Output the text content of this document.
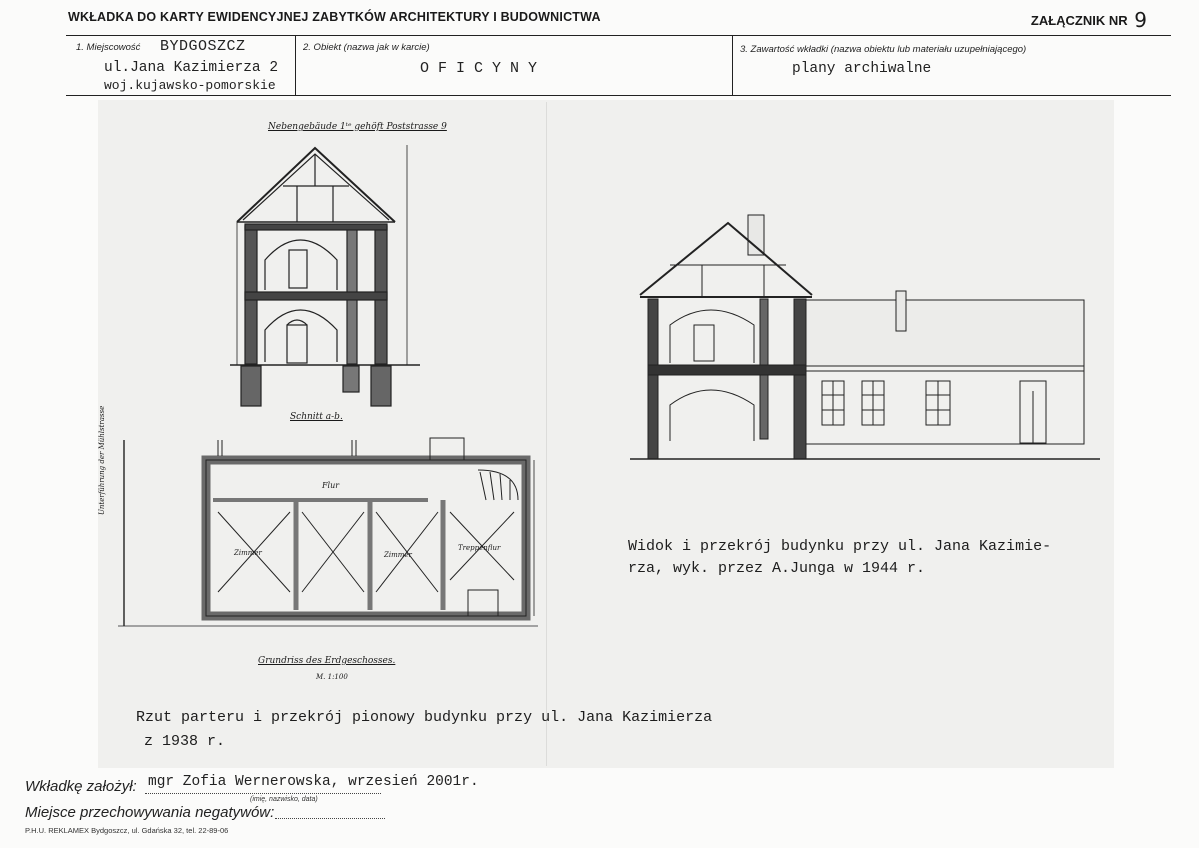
WKŁADKA DO KARTY EWIDENCYJNEJ ZABYTKÓW ARCHITEKTURY I BUDOWNICTWA	ZAŁĄCZNIK NR 9
1. Miejscowość BYDGOSZCZ
ul.Jana Kazimierza 2
woj.kujawsko-pomorskie
2. Obiekt (nazwa jak w karcie)
O F I C Y N Y
3. Zawartość wkładki (nazwa obiektu lub materiału uzupełniającego)
plany archiwalne
Nebengebäude 1ᵗᵉ gehöft Poststrasse 9
Schnitt a-b.
Flur
Zimmer	Zimmer
Treppenflur
Unterführung der Mühlstrasse
Grundriss des Erdgeschosses.
M. 1:100
Widok i przekrój budynku przy ul. Jana Kazimie-
rza, wyk. przez A.Junga w 1944 r.
Rzut parteru i przekrój pionowy budynku przy ul. Jana Kazimierza
z 1938 r.
Wkładkę założył: mgr Zofia Wernerowska, wrzesień 2001r.
(imię, nazwisko, data)
Miejsce przechowywania negatywów:
P.H.U. REKLAMEX Bydgoszcz, ul. Gdańska 32, tel. 22-89-06
